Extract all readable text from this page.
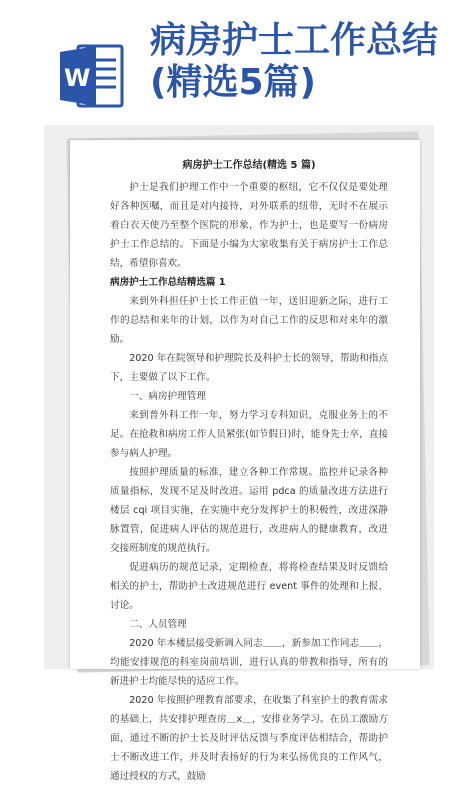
W
病房护士工作总结
(精选5篇)
病房护士工作总结(精选 5 篇)

护士是我们护理工作中一个重要的枢纽，它不仅仅是要处理好各种医嘱，而且是对内接待，对外联系的纽带，无时不在展示着白衣天使乃至整个医院的形象，作为护士，也是要写一份病房护士工作总结的。下面是小编为大家收集有关于病房护士工作总结，希望你喜欢。

病房护士工作总结精选篇 1

来到外科担任护士长工作正值一年，送旧迎新之际，进行工作的总结和来年的计划，以作为对自己工作的反思和对来年的激励。

2020 年在院领导和护理院长及科护士长的领导，帮助和指点下，主要做了以下工作。

一、病房护理管理

来到普外科工作一年，努力学习专科知识，克服业务上的不足。在抢救和病房工作人员紧张(如节假日)时，能身先士卒，直接参与病人护理。

按照护理质量的标准，建立各种工作常规。监控并记录各种质量指标，发现不足及时改进。运用 pdca 的质量改进方法进行楼层 cqi 项目实施，在实施中充分发挥护士的积极性，改进深静脉置管，促进病人评估的规范进行，改进病人的健康教育，改进交接班制度的规范执行。

促进病历的规范记录，定期检查，将将检查结果及时反馈给相关的护士，帮助护士改进规范进行 event 事件的处理和上报、讨论。

二、人员管理

2020 年本楼层接受新调入同志＿＿，新参加工作同志＿＿，均能安排规范的科室岗前培训，进行认真的带教和指导，所有的新进护士均能尽快的适应工作。

2020 年按照护理教育部要求，在收集了科室护士的教育需求的基础上，共安排护理查房＿x＿，安排业务学习。在员工激励方面，通过不断的护士长及时评估反馈与季度评估相结合，帮助护士不断改进工作，并及时表扬好的行为来弘扬优良的工作风气，通过授权的方式，鼓励
